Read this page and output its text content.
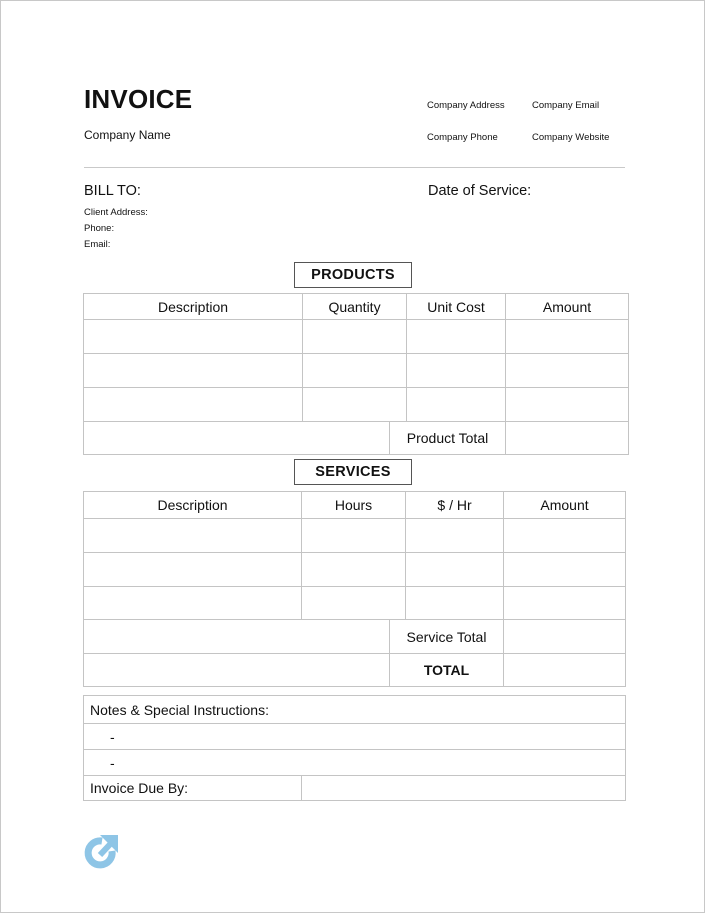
INVOICE
Company Name
Company Address	Company Email
Company Phone	Company Website
BILL TO:	Date of Service:
Client Address:
Phone:
Email:
PRODUCTS
Description	Quantity		Unit Cost	Amount

		Product Total		
SERVICES
Description	Hours		$ / Hr	Amount

		Service Total		
		TOTAL		
Notes & Special Instructions:
-
-
Invoice Due By:	
